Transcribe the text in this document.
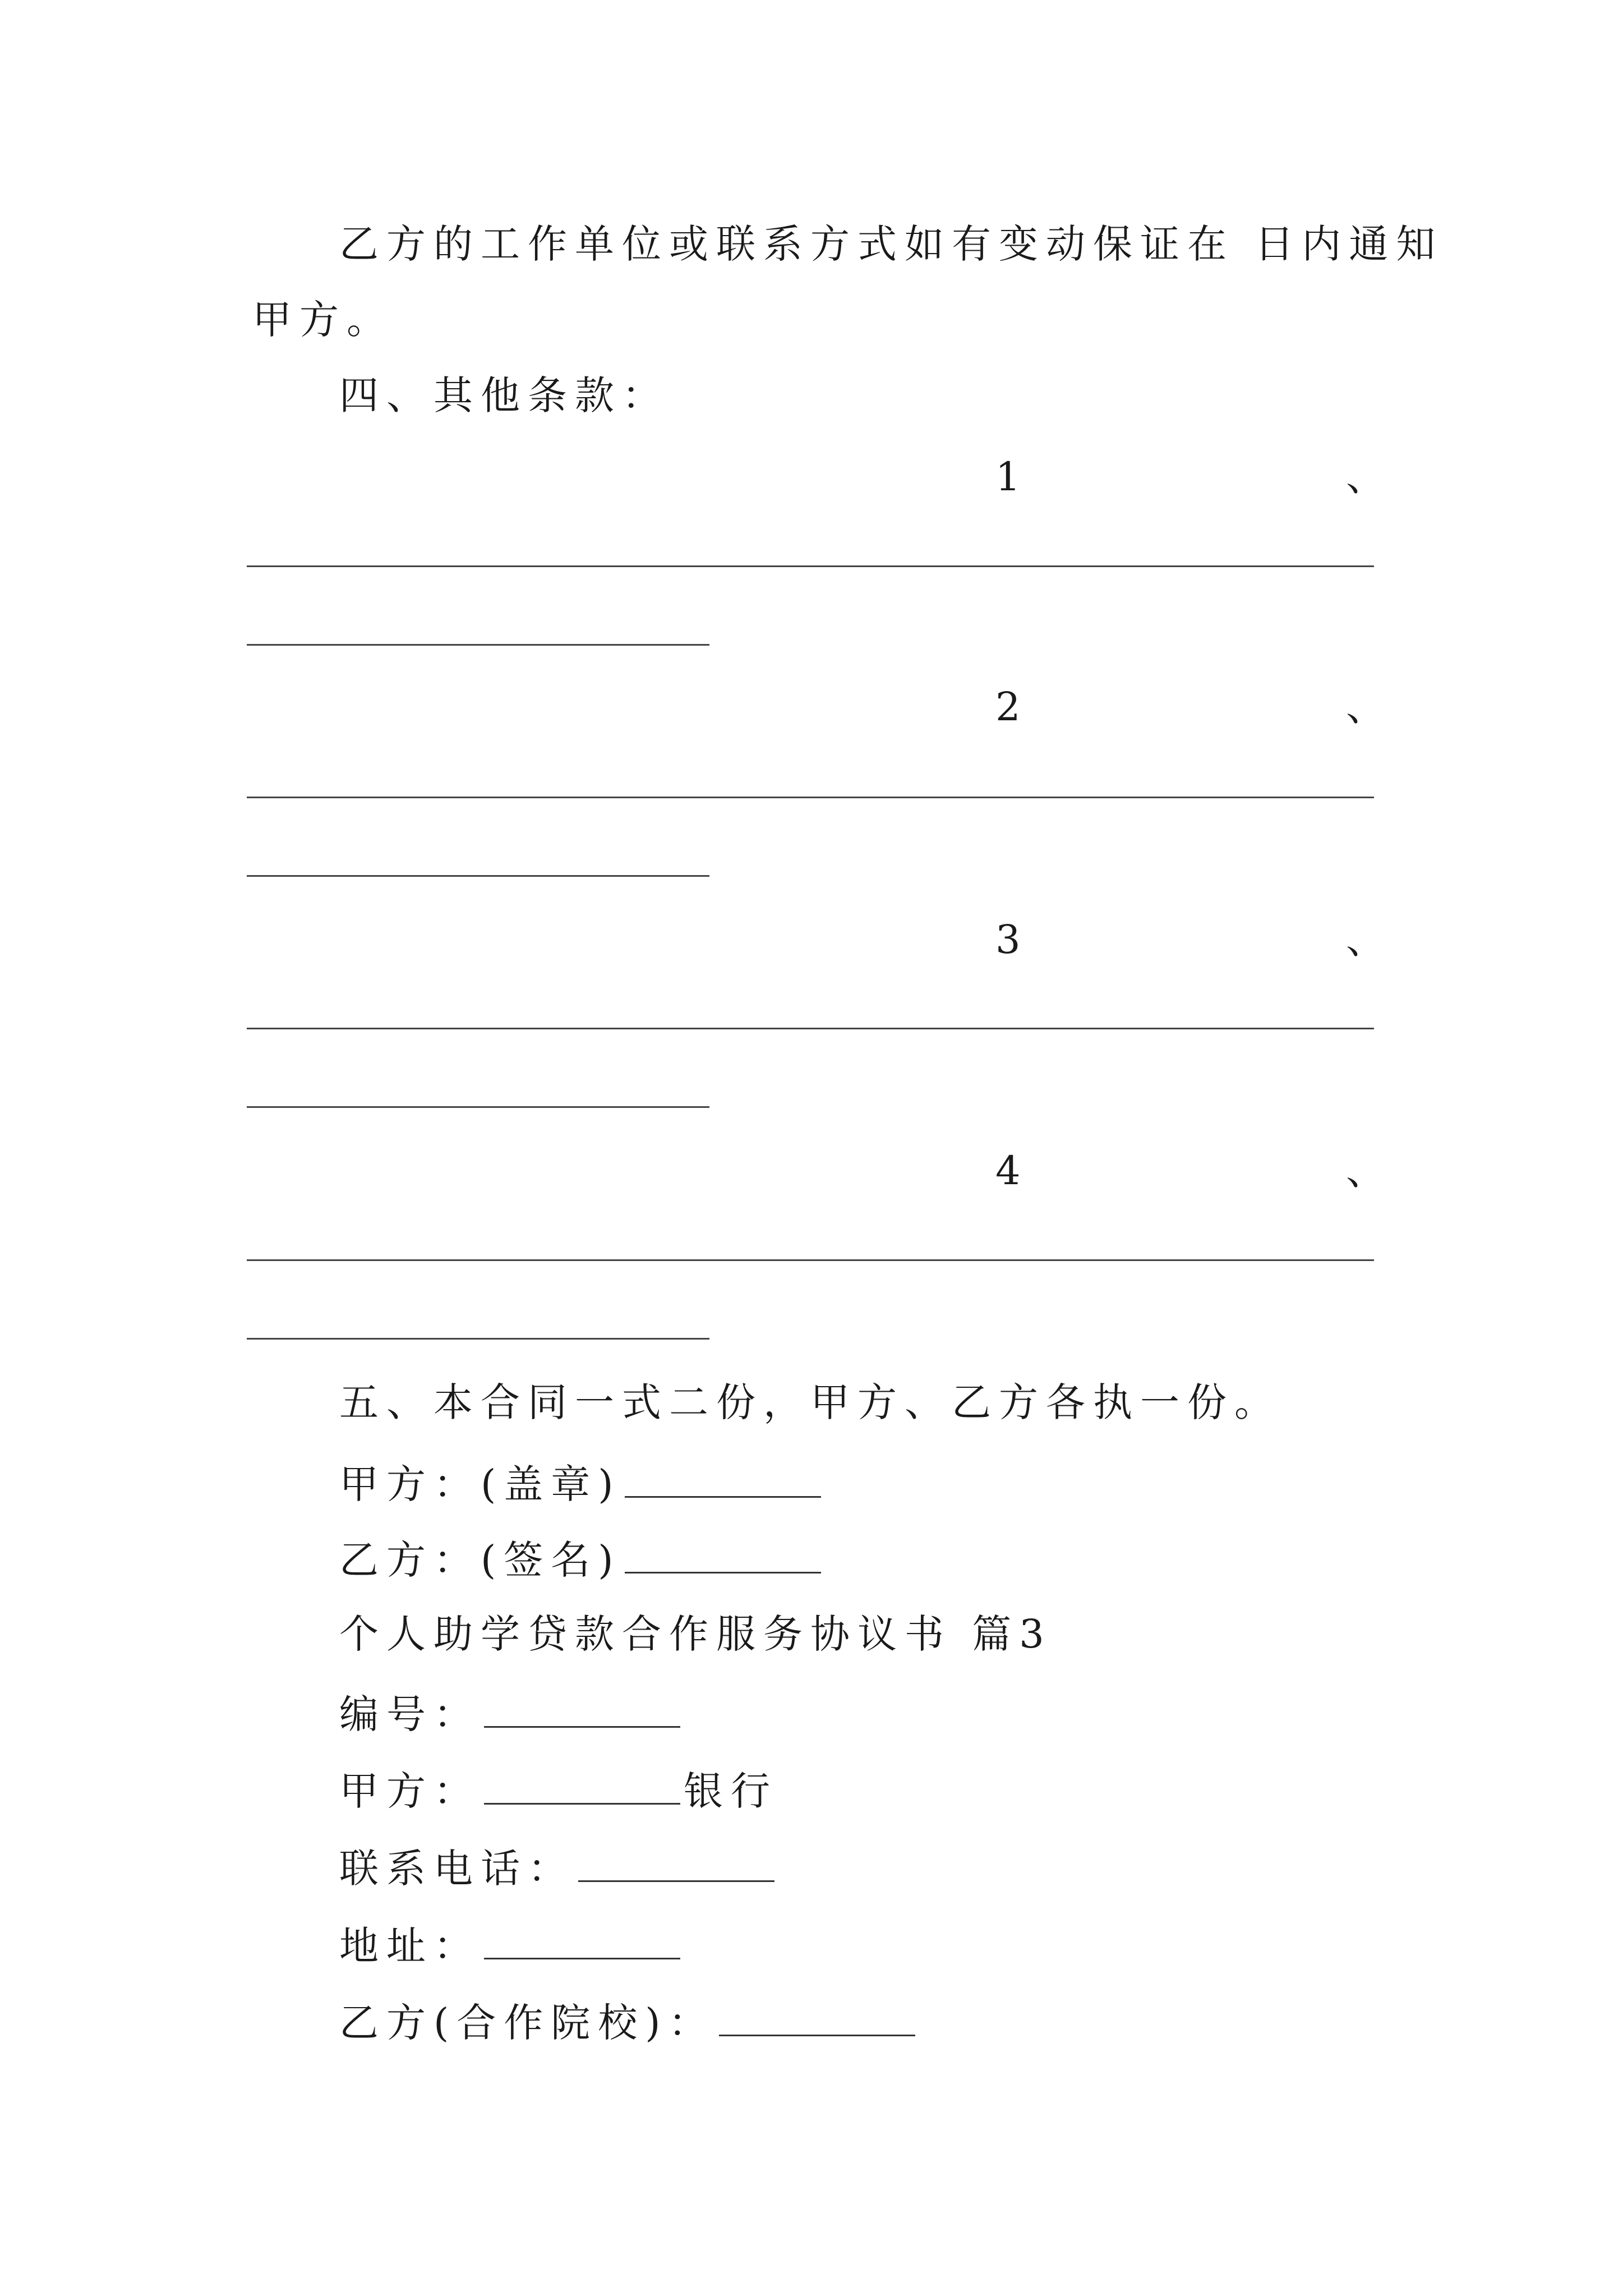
乙方的工作单位或联系方式如有变动保证在 日内通知
甲方。
四、其他条款：
1	、
2	、
3	、
4	、
五、本合同一式二份，甲方、乙方各执一份。
甲方：(盖章)
乙方：(签名)
个人助学贷款合作服务协议书 篇3
编号：
甲方：	银行
联系电话：
地址：
乙方(合作院校)：
